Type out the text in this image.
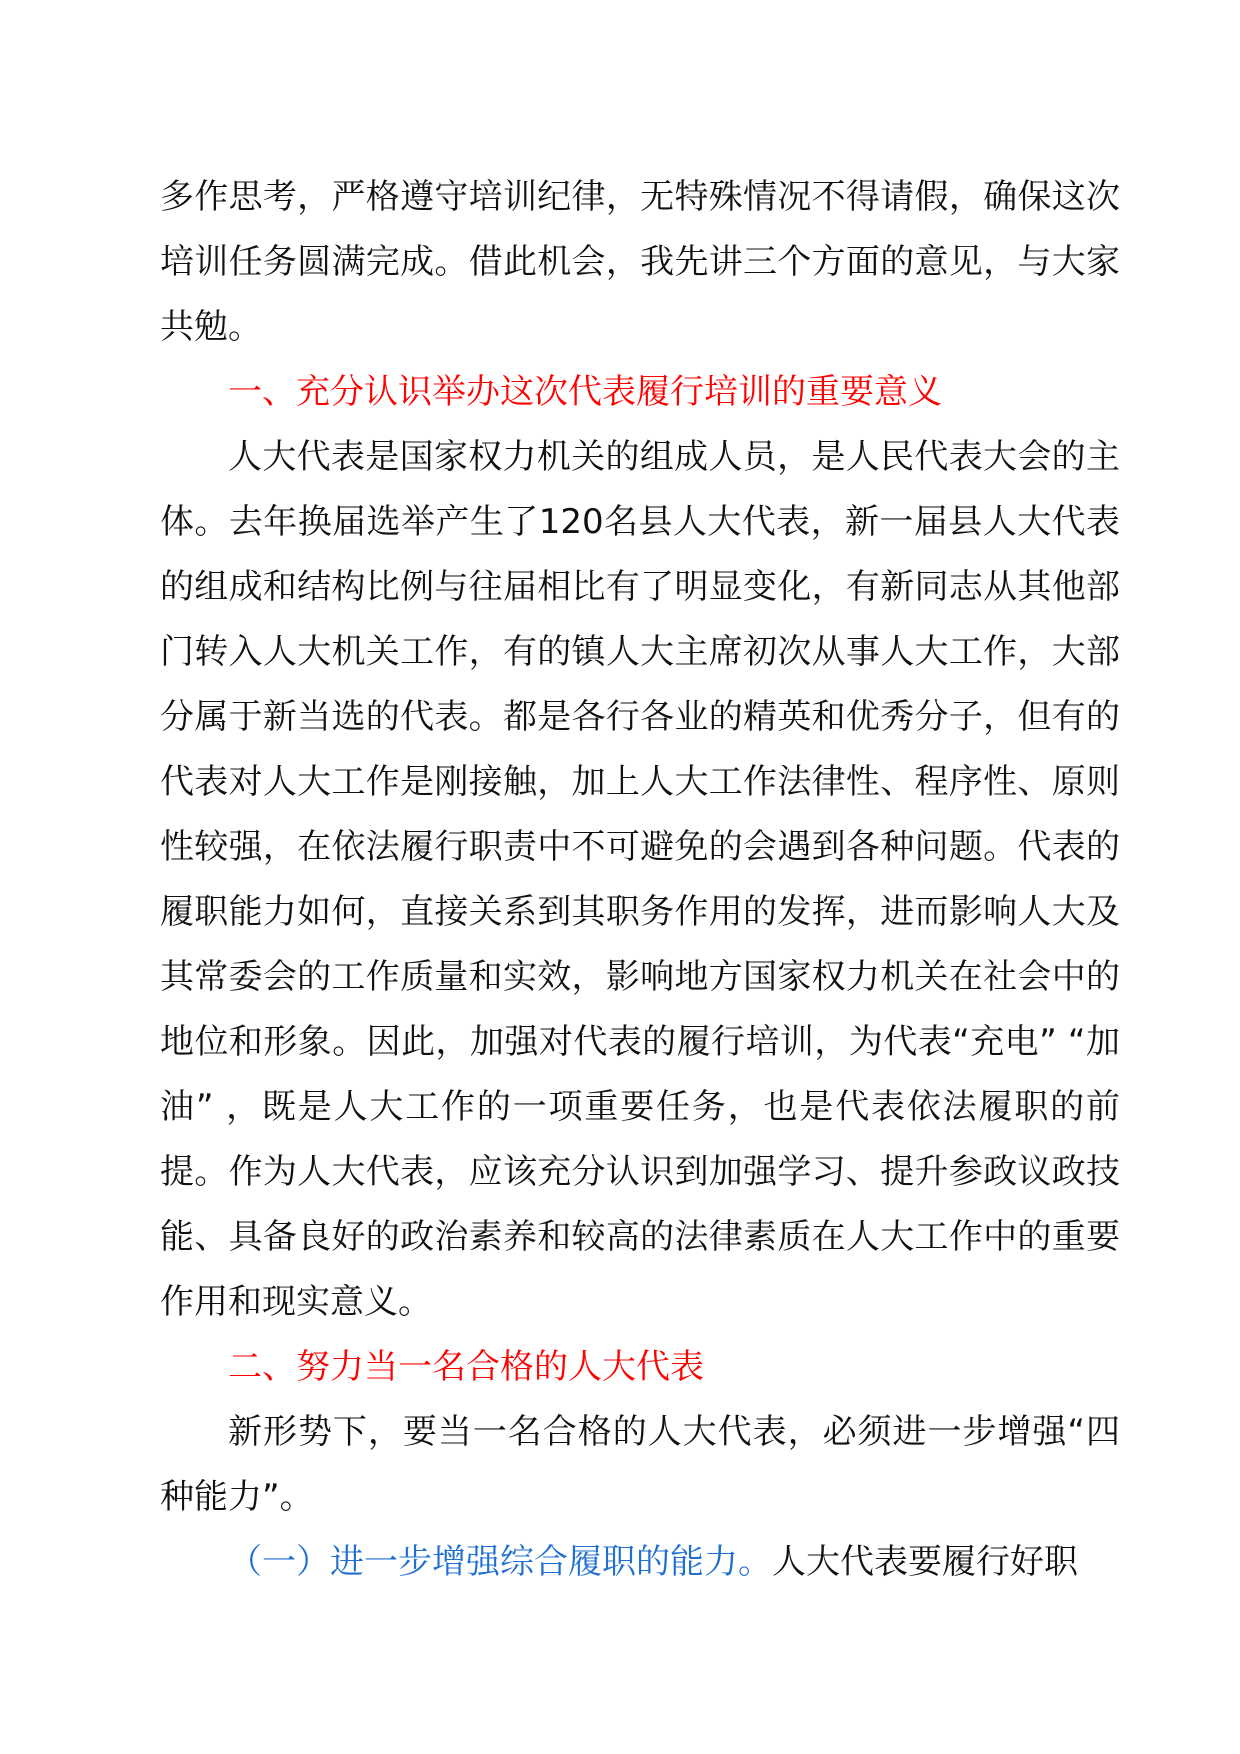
多作思考，严格遵守培训纪律，无特殊情况不得请假，确保这次培训任务圆满完成。借此机会，我先讲三个方面的意见，与大家共勉。

一、充分认识举办这次代表履行培训的重要意义

人大代表是国家权力机关的组成人员，是人民代表大会的主体。去年换届选举产生了120名县人大代表，新一届县人大代表的组成和结构比例与往届相比有了明显变化，有新同志从其他部门转入人大机关工作，有的镇人大主席初次从事人大工作，大部分属于新当选的代表。都是各行各业的精英和优秀分子，但有的代表对人大工作是刚接触，加上人大工作法律性、程序性、原则性较强，在依法履行职责中不可避免的会遇到各种问题。代表的履职能力如何，直接关系到其职务作用的发挥，进而影响人大及其常委会的工作质量和实效，影响地方国家权力机关在社会中的地位和形象。因此，加强对代表的履行培训，为代表“充电” “加油” ，既是人大工作的一项重要任务，也是代表依法履职的前提。作为人大代表，应该充分认识到加强学习、提升参政议政技能、具备良好的政治素养和较高的法律素质在人大工作中的重要作用和现实意义。

二、努力当一名合格的人大代表

新形势下，要当一名合格的人大代表，必须进一步增强“四种能力”。

（一）进一步增强综合履职的能力。人大代表要履行好职
